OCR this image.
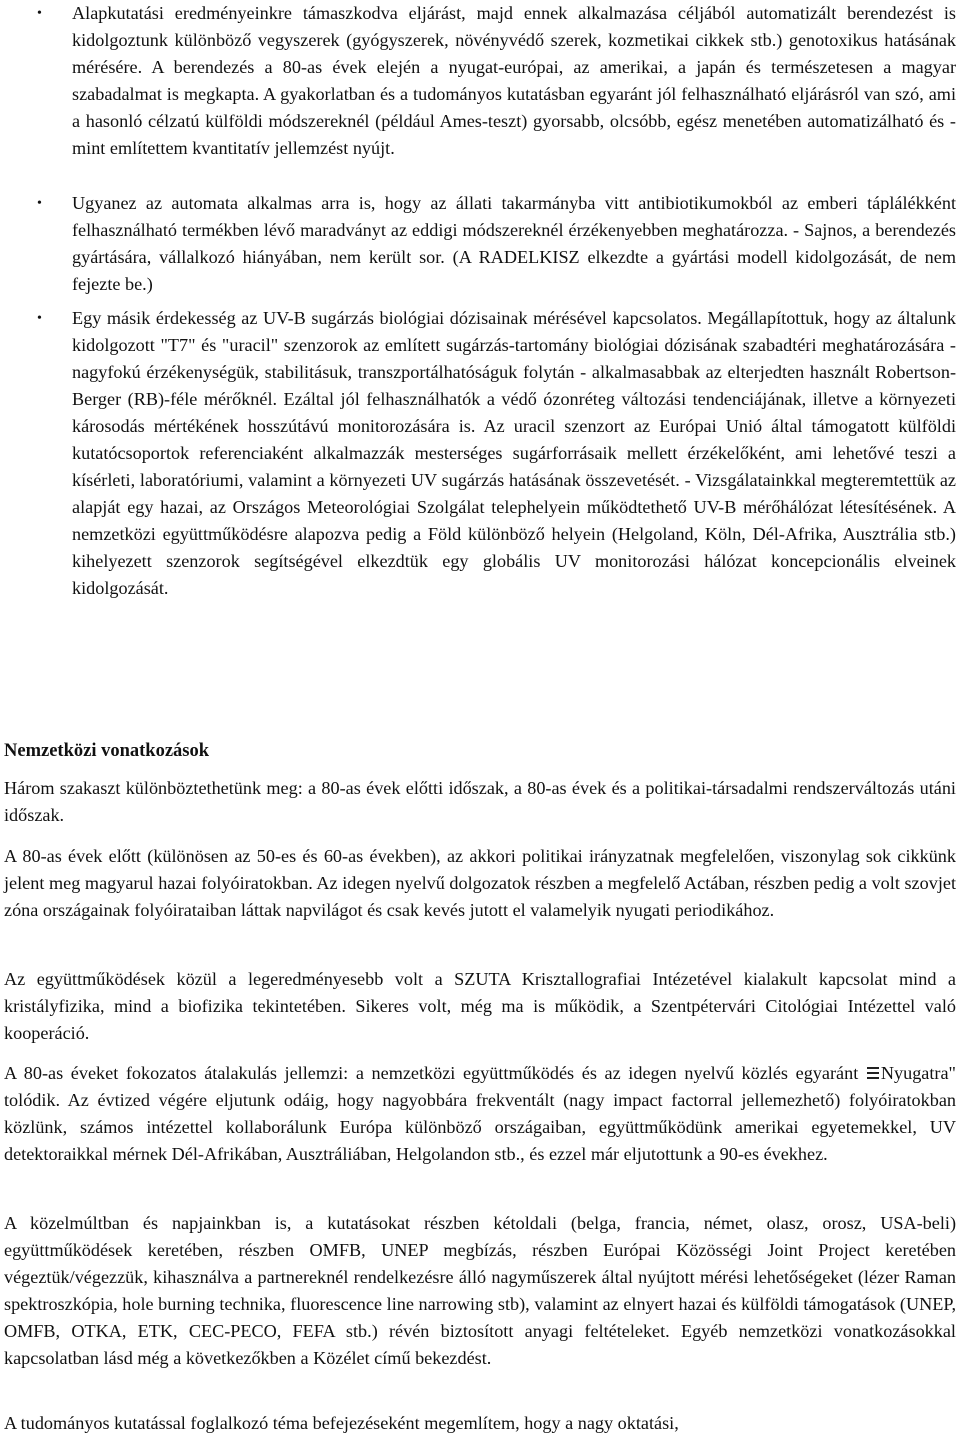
• Alapkutatási eredményeinkre támaszkodva eljárást, majd ennek alkalmazása céljából automatizált berendezést is kidolgoztunk különböző vegyszerek (gyógyszerek, növényvédő szerek, kozmetikai cikkek stb.) genotoxikus hatásának mérésére. A berendezés a 80-as évek elején a nyugat-európai, az amerikai, a japán és természetesen a magyar szabadalmat is megkapta. A gyakorlatban és a tudományos kutatásban egyaránt jól felhasználható eljárásról van szó, ami a hasonló célzatú külföldi módszereknél (például Ames-teszt) gyorsabb, olcsóbb, egész menetében automatizálható és - mint említettem kvantitatív jellemzést nyújt.
• Ugyanez az automata alkalmas arra is, hogy az állati takarmányba vitt antibiotikumokból az emberi táplálékként felhasználható termékben lévő maradványt az eddigi módszereknél érzékenyebben meghatározza. - Sajnos, a berendezés gyártására, vállalkozó hiányában, nem került sor. (A RADELKISZ elkezdte a gyártási modell kidolgozását, de nem fejezte be.)
• Egy másik érdekesség az UV-B sugárzás biológiai dózisainak mérésével kapcsolatos. Megállapítottuk, hogy az általunk kidolgozott "T7" és "uracil" szenzorok az említett sugárzás-tartomány biológiai dózisának szabadtéri meghatározására - nagyfokú érzékenységük, stabilitásuk, transzportálhatóságuk folytán - alkalmasabbak az elterjedten használt Robertson-Berger (RB)-féle mérőknél. Ezáltal jól felhasználhatók a védő ózonréteg változási tendenciájának, illetve a környezeti károsodás mértékének hosszútávú monitorozására is. Az uracil szenzort az Európai Unió által támogatott külföldi kutatócsoportok referenciaként alkalmazzák mesterséges sugárforrásaik mellett érzékelőként, ami lehetővé teszi a kísérleti, laboratóriumi, valamint a környezeti UV sugárzás hatásának összevetését. - Vizsgálatainkkal megteremtettük az alapját egy hazai, az Országos Meteorológiai Szolgálat telephelyein működtethető UV-B mérőhálózat létesítésének. A nemzetközi együttműködésre alapozva pedig a Föld különböző helyein (Helgoland, Köln, Dél-Afrika, Ausztrália stb.) kihelyezett szenzorok segítségével elkezdtük egy globális UV monitorozási hálózat koncepcionális elveinek kidolgozását.
Nemzetközi vonatkozások

Három szakaszt különböztethetünk meg: a 80-as évek előtti időszak, a 80-as évek és a politikai-társadalmi rendszerváltozás utáni időszak.

A 80-as évek előtt (különösen az 50-es és 60-as években), az akkori politikai irányzatnak megfelelően, viszonylag sok cikkünk jelent meg magyarul hazai folyóiratokban. Az idegen nyelvű dolgozatok részben a megfelelő Actában, részben pedig a volt szovjet zóna országainak folyóirataiban láttak napvilágot és csak kevés jutott el valamelyik nyugati periodikához.

Az együttműködések közül a legeredményesebb volt a SZUTA Krisztallografiai Intézetével kialakult kapcsolat mind a kristályfizika, mind a biofizika tekintetében. Sikeres volt, még ma is működik, a Szentpétervári Citológiai Intézettel való kooperáció.

A 80-as éveket fokozatos átalakulás jellemzi: a nemzetközi együttműködés és az idegen nyelvű közlés egyaránt
Nyugatra" tolódik. Az évtized végére eljutunk odáig, hogy nagyobbára frekventált (nagy impact factorral jellemezhető) folyóiratokban közlünk, számos intézettel kollaborálunk Európa különböző országaiban, együttműködünk amerikai egyetemekkel, UV detektoraikkal mérnek Dél-Afrikában, Ausztráliában, Helgolandon stb., és ezzel már eljutottunk a 90-es évekhez.

A közelmúltban és napjainkban is, a kutatásokat részben kétoldali (belga, francia, német, olasz, orosz, USA-beli) együttműködések keretében, részben OMFB, UNEP megbízás, részben Európai Közösségi Joint Project keretében végeztük/végezzük, kihasználva a partnereknél rendelkezésre álló nagyműszerek által nyújtott mérési lehetőségeket (lézer Raman spektroszkópia, hole burning technika, fluorescence line narrowing stb), valamint az elnyert hazai és külföldi támogatások (UNEP, OMFB, OTKA, ETK, CEC-PECO, FEFA stb.) révén biztosított anyagi feltételeket. Egyéb nemzetközi vonatkozásokkal kapcsolatban lásd még a következőkben a Közélet című bekezdést.

A tudományos kutatással foglalkozó téma befejezéseként megemlítem, hogy a nagy oktatási,
